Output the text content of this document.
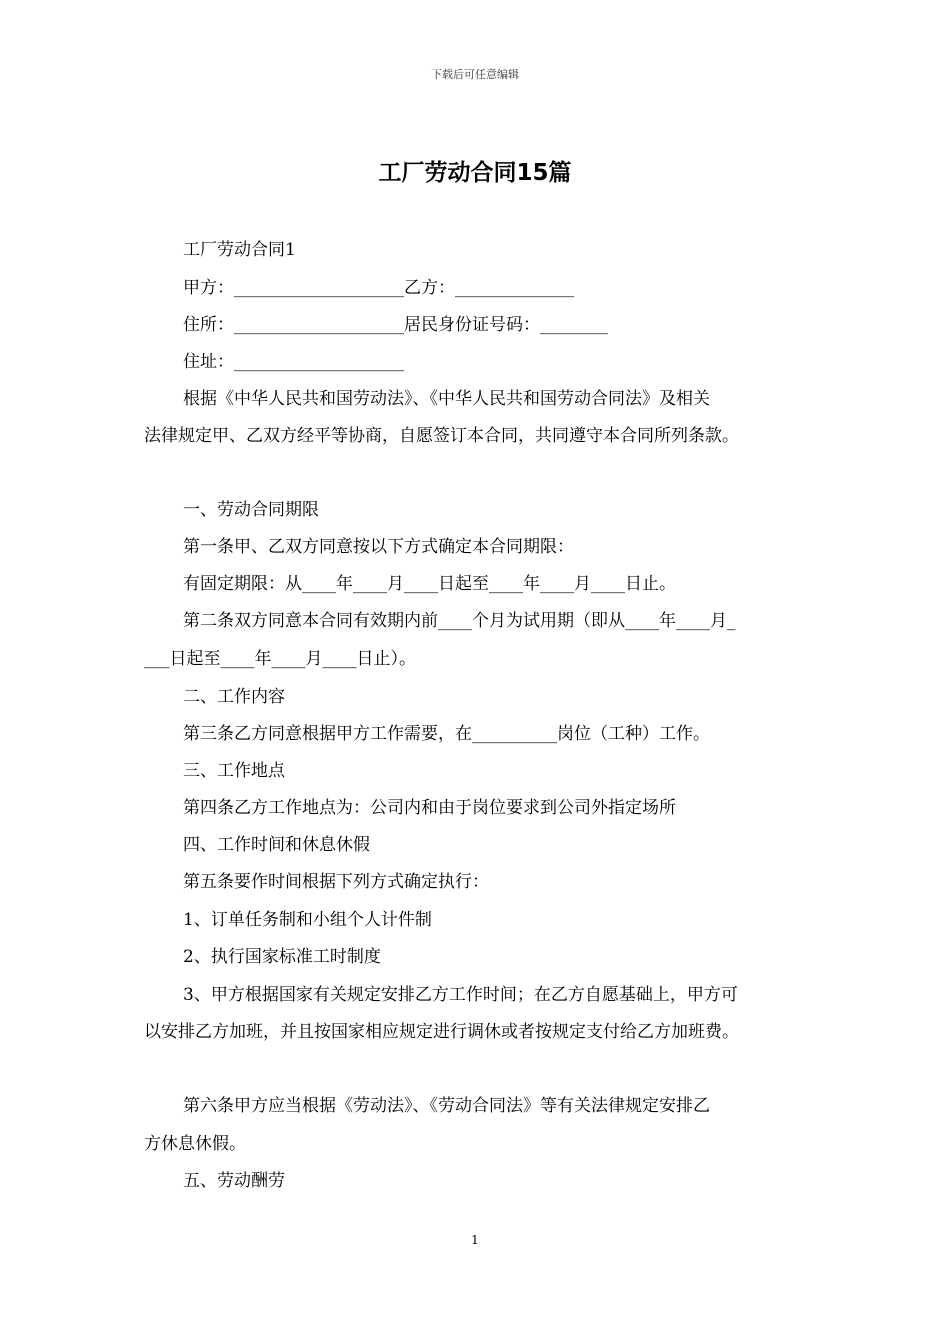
下载后可任意编辑
工厂劳动合同15篇
工厂劳动合同1
甲方：____________________乙方：______________
住所：____________________居民身份证号码：________
住址：____________________
根据《中华人民共和国劳动法》、《中华人民共和国劳动合同法》及相关
法律规定甲、乙双方经平等协商，自愿签订本合同，共同遵守本合同所列条款。
一、劳动合同期限
第一条甲、乙双方同意按以下方式确定本合同期限：
有固定期限：从____年____月____日起至____年____月____日止。
第二条双方同意本合同有效期内前____个月为试用期（即从____年____月_
___日起至____年____月____日止）。
二、工作内容
第三条乙方同意根据甲方工作需要，在__________岗位（工种）工作。
三、工作地点
第四条乙方工作地点为：公司内和由于岗位要求到公司外指定场所
四、工作时间和休息休假
第五条要作时间根据下列方式确定执行：
1、订单任务制和小组个人计件制
2、执行国家标准工时制度
3、甲方根据国家有关规定安排乙方工作时间；在乙方自愿基础上，甲方可
以安排乙方加班，并且按国家相应规定进行调休或者按规定支付给乙方加班费。
第六条甲方应当根据《劳动法》、《劳动合同法》等有关法律规定安排乙
方休息休假。
五、劳动酬劳
1
